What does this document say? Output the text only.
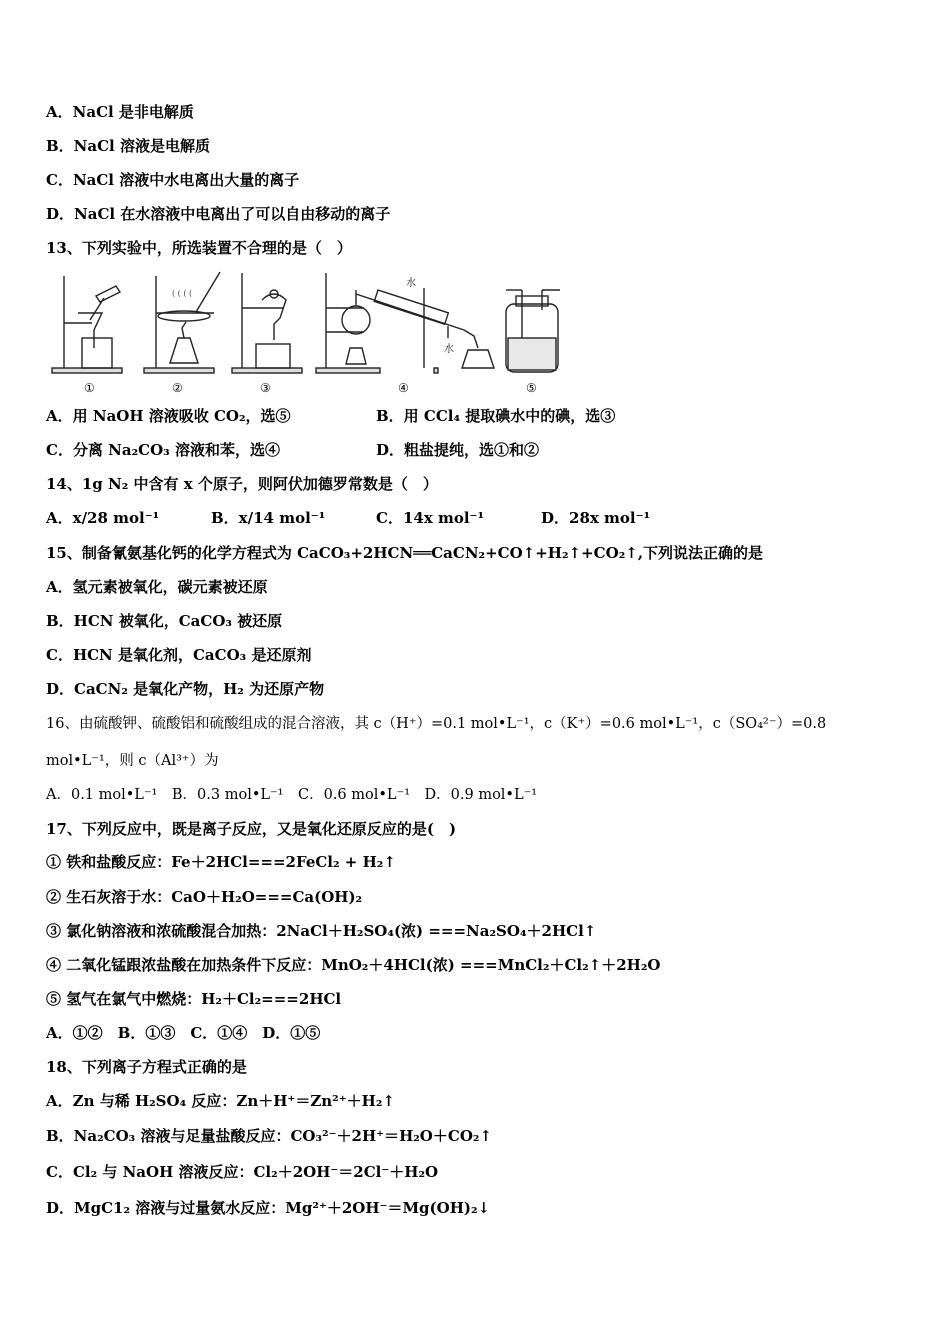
A．NaCl 是非电解质
B．NaCl 溶液是电解质
C．NaCl 溶液中水电离出大量的离子
D．NaCl 在水溶液中电离出了可以自由移动的离子
13、下列实验中，所选装置不合理的是（　）
( ( ( (
水
水
①	②	③	④	⑤
A．用 NaOH 溶液吸收 CO₂，选⑤	B．用 CCl₄ 提取碘水中的碘，选③
C．分离 Na₂CO₃ 溶液和苯，选④	D．粗盐提纯，选①和②
14、1g N₂ 中含有 x 个原子，则阿伏加德罗常数是（　）
A．x/28 mol⁻¹	B．x/14 mol⁻¹	C．14x mol⁻¹	D．28x mol⁻¹
15、制备氰氨基化钙的化学方程式为 CaCO₃+2HCN══CaCN₂+CO↑+H₂↑+CO₂↑,下列说法正确的是
A．氢元素被氧化，碳元素被还原
B．HCN 被氧化，CaCO₃ 被还原
C．HCN 是氧化剂，CaCO₃ 是还原剂
D．CaCN₂ 是氧化产物，H₂ 为还原产物
16、由硫酸钾、硫酸铝和硫酸组成的混合溶液，其 c（H⁺）=0.1 mol•L⁻¹，c（K⁺）=0.6 mol•L⁻¹，c（SO₄²⁻）=0.8
mol•L⁻¹，则 c（Al³⁺）为
A．0.1 mol•L⁻¹　B．0.3 mol•L⁻¹　C．0.6 mol•L⁻¹　D．0.9 mol•L⁻¹
17、下列反应中，既是离子反应，又是氧化还原反应的是(　)
① 铁和盐酸反应：Fe＋2HCl===2FeCl₂ + H₂↑
② 生石灰溶于水：CaO＋H₂O===Ca(OH)₂
③ 氯化钠溶液和浓硫酸混合加热：2NaCl＋H₂SO₄(浓) ===Na₂SO₄＋2HCl↑
④ 二氧化锰跟浓盐酸在加热条件下反应：MnO₂＋4HCl(浓) ===MnCl₂＋Cl₂↑＋2H₂O
⑤ 氢气在氯气中燃烧：H₂＋Cl₂===2HCl
A．①②　B．①③　C．①④　D．①⑤
18、下列离子方程式正确的是
A．Zn 与稀 H₂SO₄ 反应：Zn＋H⁺＝Zn²⁺＋H₂↑
B．Na₂CO₃ 溶液与足量盐酸反应：CO₃²⁻＋2H⁺＝H₂O＋CO₂↑
C．Cl₂ 与 NaOH 溶液反应：Cl₂＋2OH⁻＝2Cl⁻＋H₂O
D．MgC1₂ 溶液与过量氨水反应：Mg²⁺＋2OH⁻＝Mg(OH)₂↓
